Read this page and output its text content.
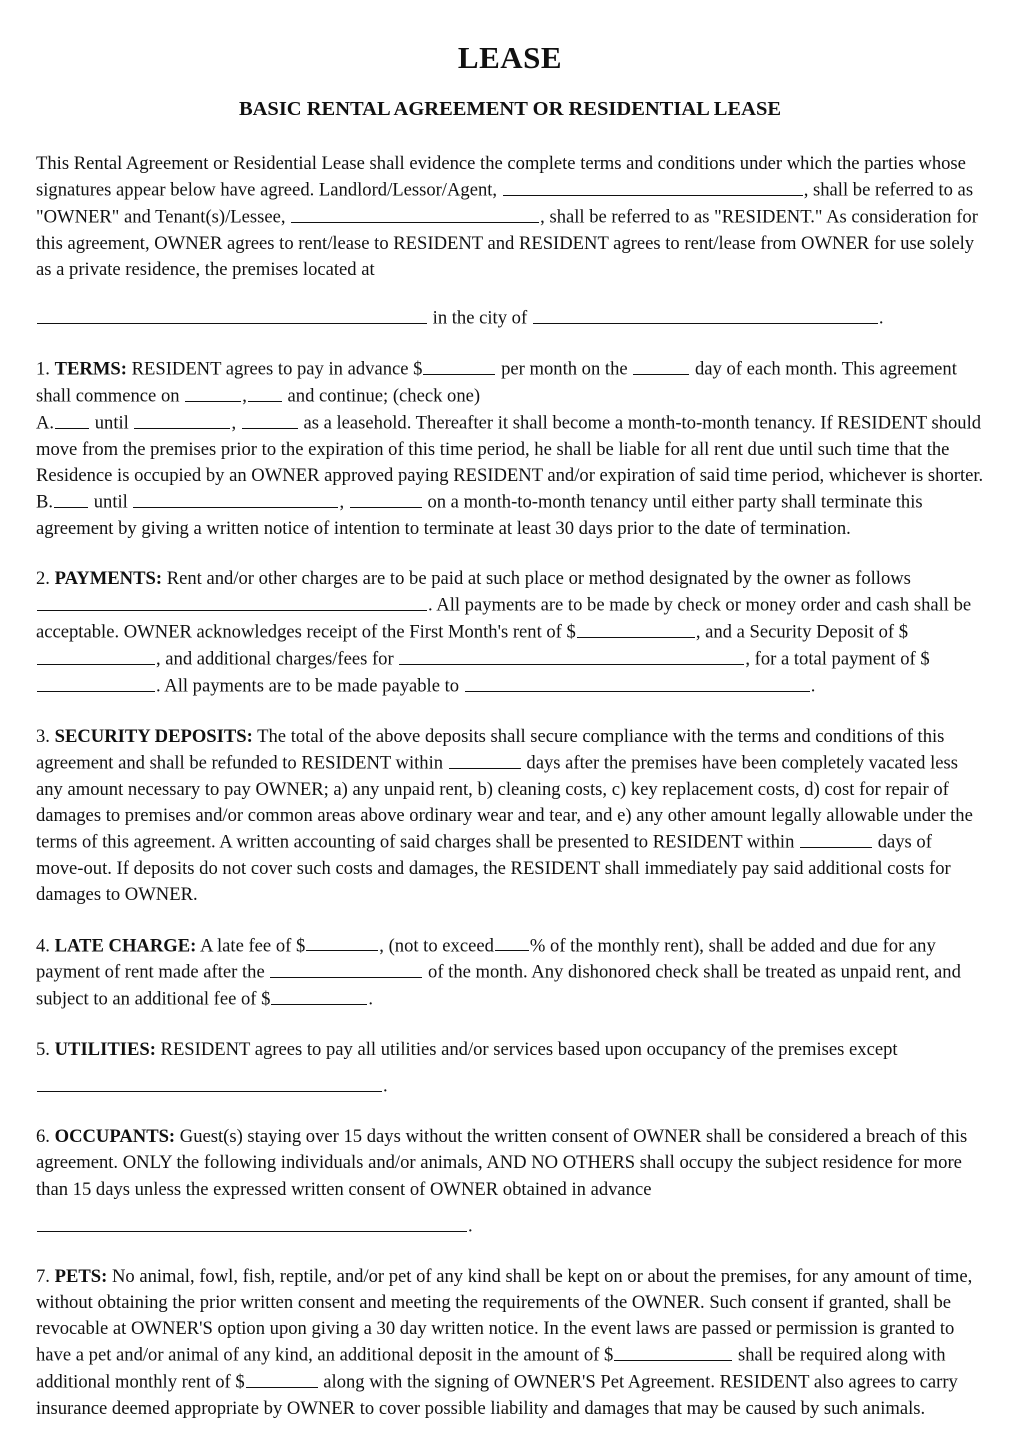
LEASE
BASIC RENTAL AGREEMENT OR RESIDENTIAL LEASE

This Rental Agreement or Residential Lease shall evidence the complete terms and conditions under which the parties whose signatures appear below have agreed. Landlord/Lessor/Agent,	, shall be referred to as "OWNER" and Tenant(s)/Lessee,	, shall be referred to as "RESIDENT." As consideration for this agreement, OWNER agrees to rent/lease to RESIDENT and RESIDENT agrees to rent/lease from OWNER for use solely as a private residence, the premises located at

in the city of	.

1. TERMS: RESIDENT agrees to pay in advance $	per month on the	day of each month. This agreement shall commence on	, and continue; (check one)

A. until	,	as a leasehold. Thereafter it shall become a month-to-month tenancy. If RESIDENT should move from the premises prior to the expiration of this time period, he shall be liable for all rent due until such time that the Residence is occupied by an OWNER approved paying RESIDENT and/or expiration of said time period, whichever is shorter.

B. until	,	on a month-to-month tenancy until either party shall terminate this agreement by giving a written notice of intention to terminate at least 30 days prior to the date of termination.

2. PAYMENTS: Rent and/or other charges are to be paid at such place or method designated by the owner as follows

. All payments are to be made by check or money order and cash shall be acceptable. OWNER acknowledges receipt of the First Month's rent of $	, and a Security Deposit of $, and additional charges/fees for	, for a total payment of $. All payments are to be made payable to	.

3. SECURITY DEPOSITS: The total of the above deposits shall secure compliance with the terms and conditions of this agreement and shall be refunded to RESIDENT within	days after the premises have been completely vacated less any amount necessary to pay OWNER; a) any unpaid rent, b) cleaning costs, c) key replacement costs, d) cost for repair of damages to premises and/or common areas above ordinary wear and tear, and e) any other amount legally allowable under the terms of this agreement. A written accounting of said charges shall be presented to RESIDENT within	days of move-out. If deposits do not cover such costs and damages, the RESIDENT shall immediately pay said additional costs for damages to OWNER.

4. LATE CHARGE: A late fee of $	, (not to exceed % of the monthly rent), shall be added and due for any payment of rent made after the	of the month. Any dishonored check shall be treated as unpaid rent, and subject to an additional fee of $	.

5. UTILITIES: RESIDENT agrees to pay all utilities and/or services based upon occupancy of the premises except

.

6. OCCUPANTS: Guest(s) staying over 15 days without the written consent of OWNER shall be considered a breach of this agreement. ONLY the following individuals and/or animals, AND NO OTHERS shall occupy the subject residence for more than 15 days unless the expressed written consent of OWNER obtained in advance

.

7. PETS: No animal, fowl, fish, reptile, and/or pet of any kind shall be kept on or about the premises, for any amount of time, without obtaining the prior written consent and meeting the requirements of the OWNER. Such consent if granted, shall be revocable at OWNER'S option upon giving a 30 day written notice. In the event laws are passed or permission is granted to have a pet and/or animal of any kind, an additional deposit in the amount of $	shall be required along with additional monthly rent of $	along with the signing of OWNER'S Pet Agreement. RESIDENT also agrees to carry insurance deemed appropriate by OWNER to cover possible liability and damages that may be caused by such animals.
